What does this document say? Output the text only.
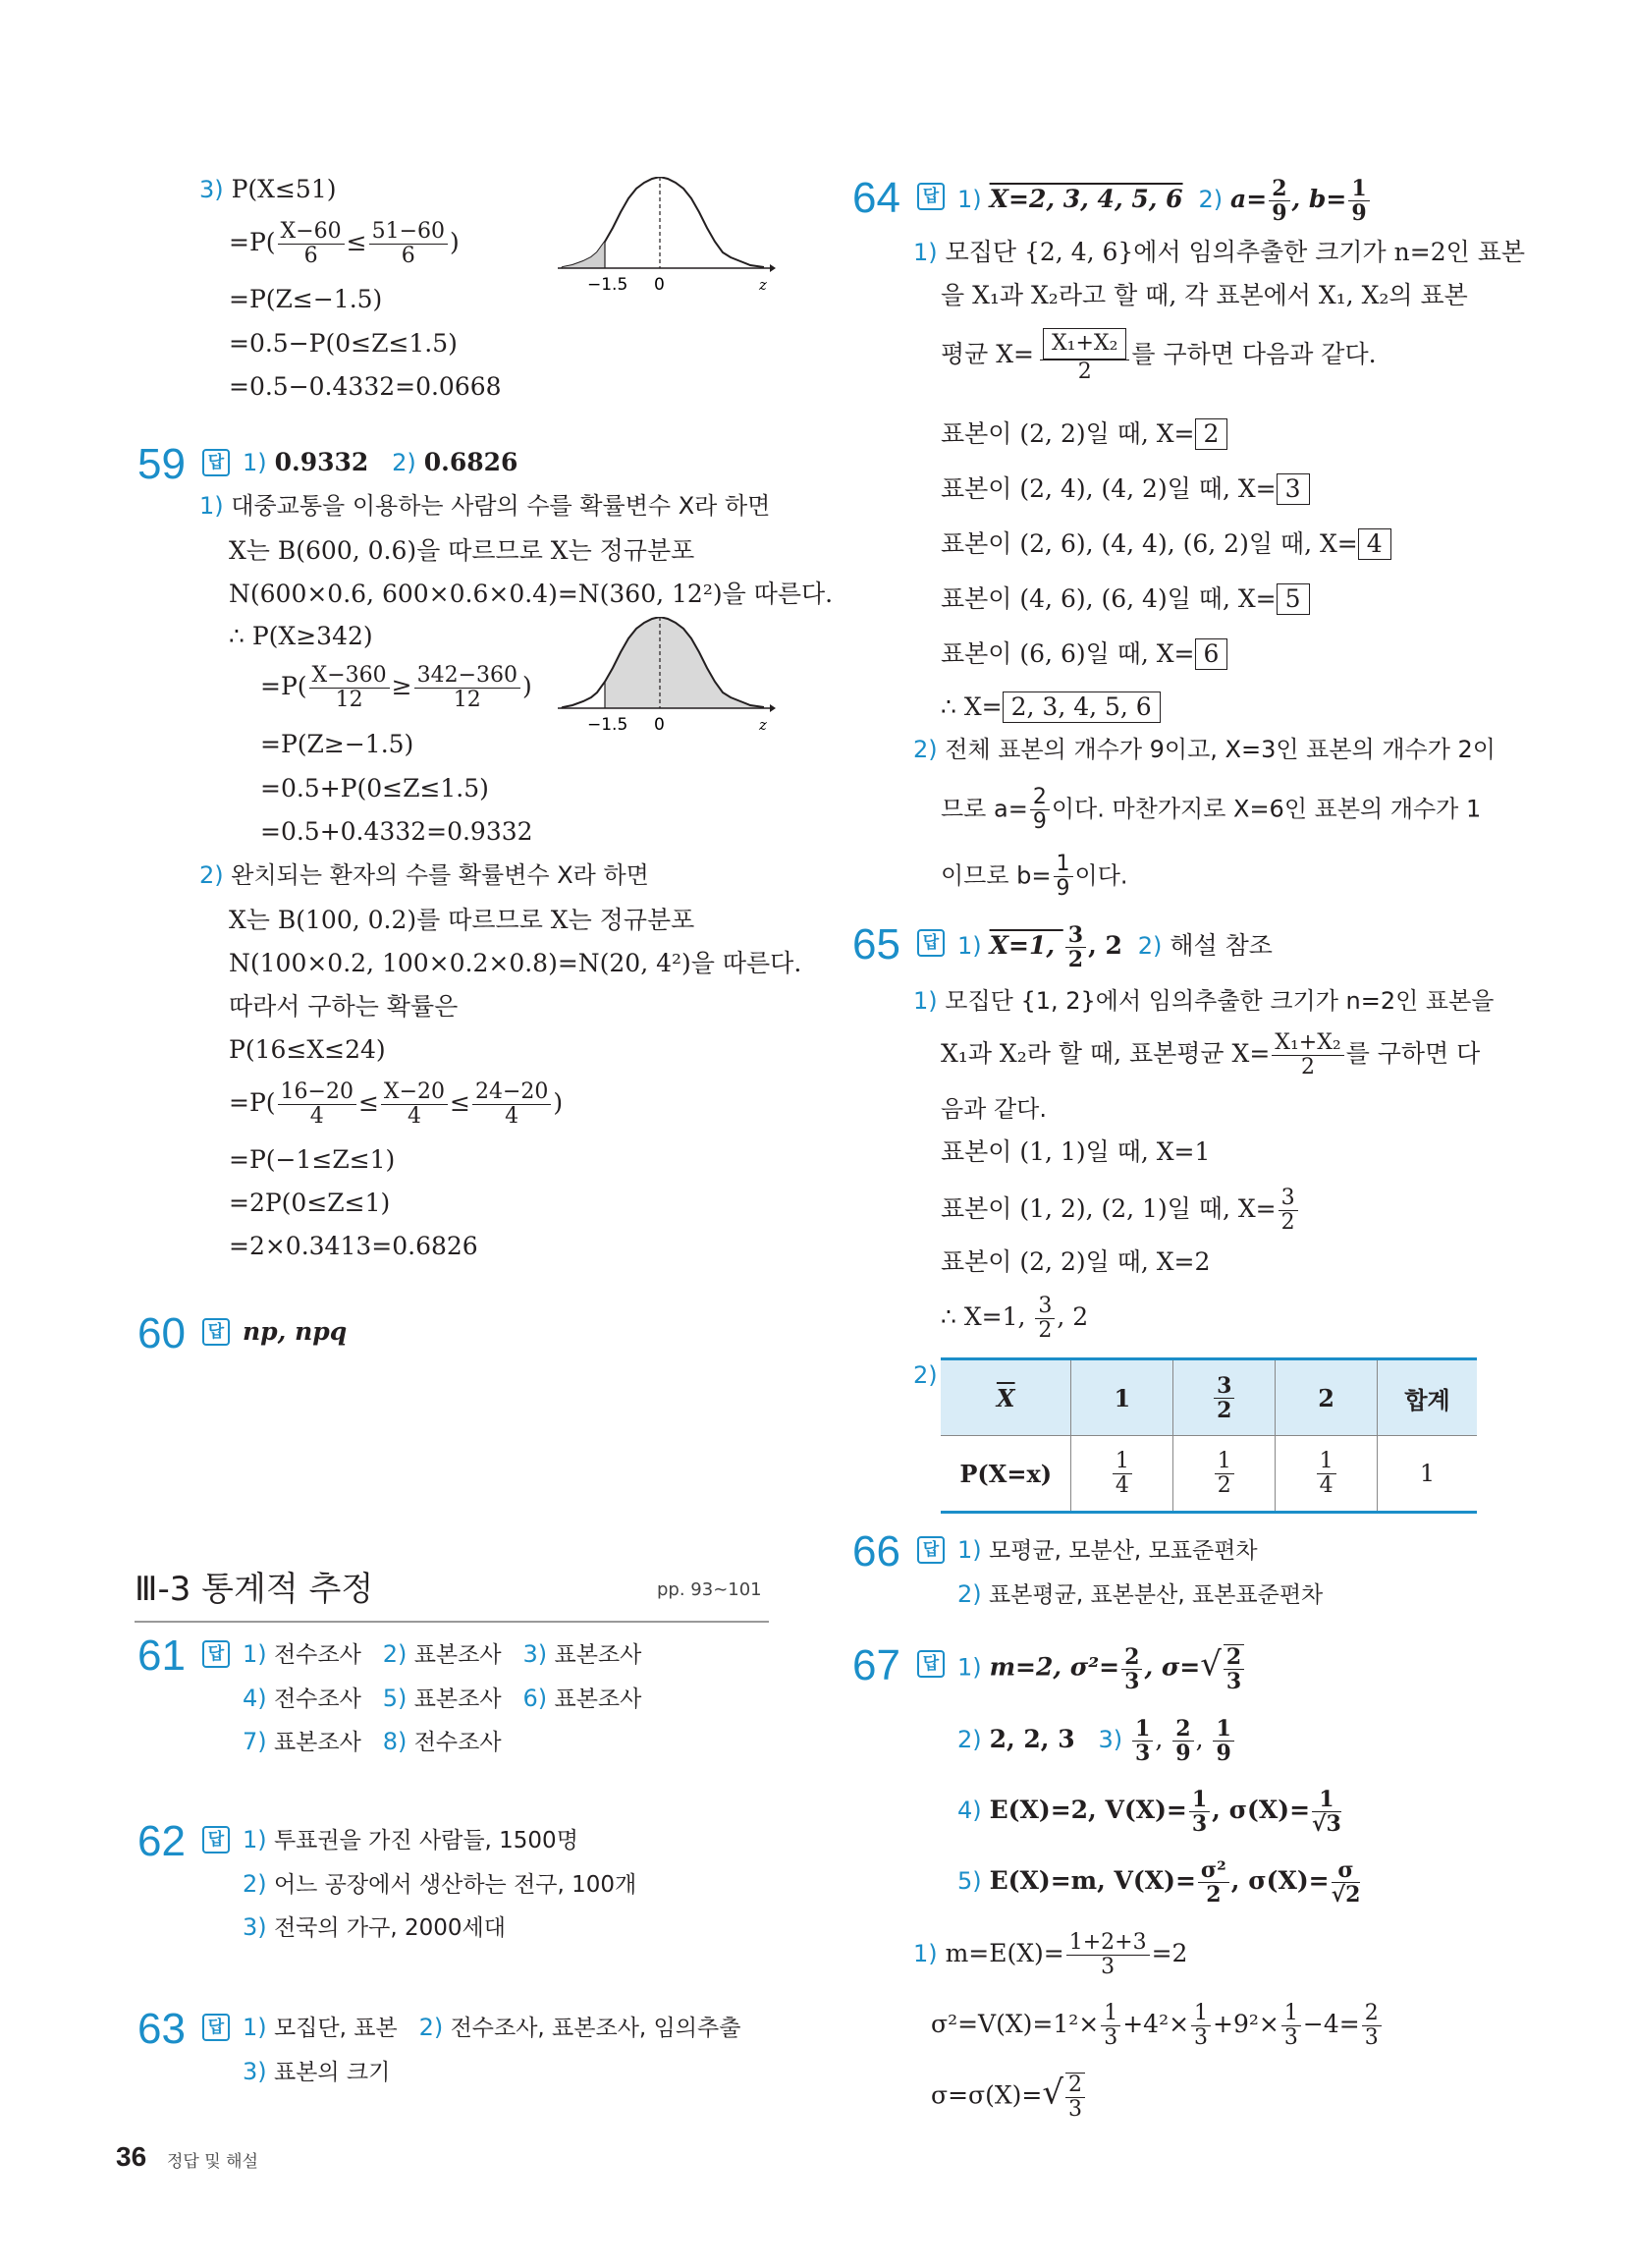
3) P(X≤51)
$=P( \frac{X-60}{6} \le \frac{51-60}{6}$ )
=P(Z≤−1.5)
=0.5−P(0≤Z≤1.5)
=0.5−0.4332=0.0668
−1.5 0	z
59	답 1) 0.9332 2) 0.6826
1) 대중교통을 이용하는 사람의 수를 확률변수 X라 하면
X는 B(600, 0.6)을 따르므로 X는 정규분포
N(600×0.6, 600×0.6×0.4)=N(360, 12²)을 따른다.
∴ P(X≥342)
$=P( \frac{X-360}{12} \ge \frac{342-360}{12}$ )
=P(Z≥−1.5)
=0.5+P(0≤Z≤1.5)
=0.5+0.4332=0.9332
−1.5 0	z
2) 완치되는 환자의 수를 확률변수 X라 하면
X는 B(100, 0.2)를 따르므로 X는 정규분포
N(100×0.2, 100×0.2×0.8)=N(20, 4²)을 따른다.
따라서 구하는 확률은
P(16≤X≤24)
$=P( \frac{16-20}{4} \le \frac{X-20}{4} \le \frac{24-20}{4}$ )
=P(−1≤Z≤1)
=2P(0≤Z≤1)
=2×0.3413=0.6826
60	답 np, npq
Ⅲ-3 통계적 추정	pp. 93∼101
61	답 1) 전수조사 2) 표본조사 3) 표본조사
4) 전수조사 5) 표본조사 6) 표본조사
7) 표본조사 8) 전수조사
62	답 1) 투표권을 가진 사람들, 1500명
2) 어느 공장에서 생산하는 전구, 100개
3) 전국의 가구, 2000세대
63	답 1) 모집단, 표본 2) 전수조사, 표본조사, 임의추출
3) 표본의 크기
36 정답 및 해설
64	답 1) X=2, 3, 4, 5, 6 2) $a= \frac{2}{9}$ , $b= \frac{1}{9}$
1) 모집단 {2, 4, 6}에서 임의추출한 크기가 n=2인 표본
을 X₁과 X₂라고 할 때, 각 표본에서 X₁, X₂의 표본
평균 $X= \frac{\text{X₁+X₂}}{2}$ 를 구하면 다음과 같다.
표본이 (2, 2)일 때, X= 2
표본이 (2, 4), (4, 2)일 때, X= 3
표본이 (2, 6), (4, 4), (6, 2)일 때, X= 4
표본이 (4, 6), (6, 4)일 때, X= 5
표본이 (6, 6)일 때, X= 6
∴ X= 2, 3, 4, 5, 6
2) 전체 표본의 개수가 9이고, X=3인 표본의 개수가 2이
므로 $a= \frac{2}{9}$ 이다. 마찬가지로 X=6인 표본의 개수가 1
이므로 $b= \frac{1}{9}$ 이다.
65	답 1) X=1, $\frac{3}{2}$ , 2 2) 해설 참조
1) 모집단 {1, 2}에서 임의추출한 크기가 n=2인 표본을
X₁과 X₂라 할 때, 표본평균 $X= \frac{\text{X₁+X₂}}{2}$ 를 구하면 다
음과 같다.
표본이 (1, 1)일 때, X=1
표본이 (1, 2), (2, 1)일 때, $X= \frac{3}{2}$
표본이 (2, 2)일 때, X=2
∴ X=1, $\frac{3}{2}$ , 2
2)
$\overline{X}$	1	$\frac{3}{2}$	2	합계
P(X=x)	$\frac{1}{4}$	$\frac{1}{2}$	$\frac{1}{4}$	1
66	답 1) 모평균, 모분산, 모표준편차
2) 표본평균, 표본분산, 표본표준편차
67	답 1) m=2, $\sigma^2= \frac{2}{3}$ , $\sigma=√ \frac{2}{3}$
2) 2, 2, 3 $3) \frac{1}{3}$ , $\frac{2}{9}$ , $\frac{1}{9}$
4) E(X)=2, $V(X)= \frac{1}{3}$ , $\sigma(X)= \frac{1}{√3}$
5) E(X)=m, $V(X)= \frac{\text{σ²}}{2}$ , $\sigma(X)= \frac{\sigma}{√2}$
1) $m=E(X)= \frac{1+2+3}{3} =2$
$\sigma^2=V(X)=1^2\times \frac{1}{3} +4^2\times \frac{1}{3} +9^2\times \frac{1}{3} -4= \frac{2}{3}$
$\sigma=\sigma(X)=√ \frac{2}{3}$
